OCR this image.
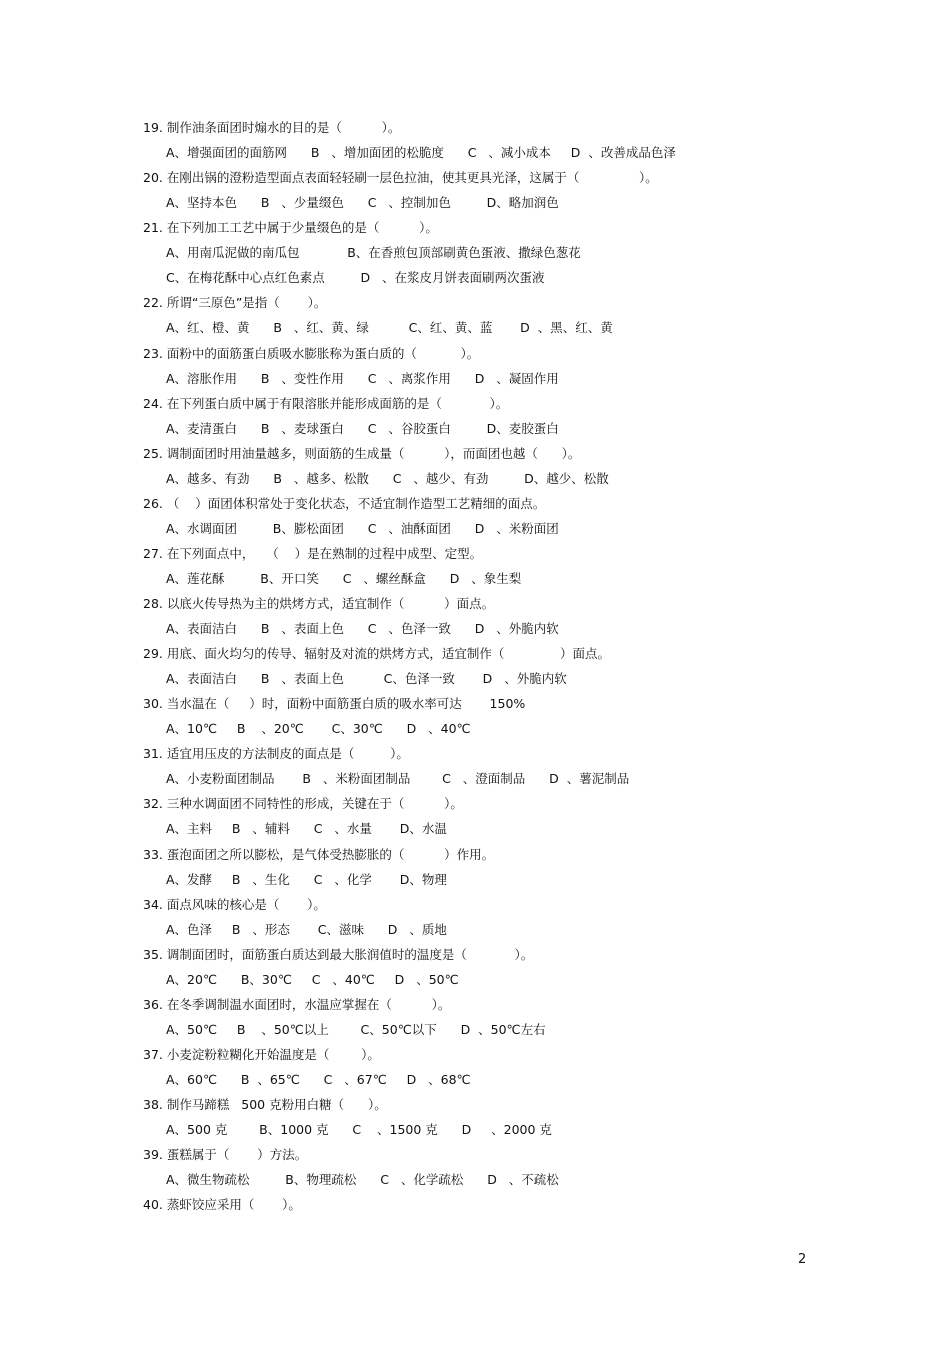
19. 制作油条面团时煽水的目的是（          ）。
A、增强面团的面筋网      B   、增加面团的松脆度      C   、减小成本     D  、改善成品色泽
20. 在刚出锅的澄粉造型面点表面轻轻刷一层色拉油，使其更具光泽，这属于（               ）。
A、坚持本色      B   、少量缀色      C   、控制加色         D、略加润色
21. 在下列加工工艺中属于少量缀色的是（          ）。
A、用南瓜泥做的南瓜包            B、在香煎包顶部刷黄色蛋液、撒绿色葱花
C、在梅花酥中心点红色素点         D   、在浆皮月饼表面刷两次蛋液
22. 所谓“三原色”是指（       ）。
A、红、橙、黄      B   、红、黄、绿          C、红、黄、蓝       D  、黑、红、黄
23. 面粉中的面筋蛋白质吸水膨胀称为蛋白质的（           ）。
A、溶胀作用      B   、变性作用      C   、离浆作用      D   、凝固作用
24. 在下列蛋白质中属于有限溶胀并能形成面筋的是（            ）。
A、麦清蛋白      B   、麦球蛋白      C   、谷胶蛋白         D、麦胶蛋白
25. 调制面团时用油量越多，则面筋的生成量（          ），而面团也越（      ）。
A、越多、有劲      B   、越多、松散      C   、越少、有劲         D、越少、松散
26. （    ）面团体积常处于变化状态，不适宜制作造型工艺精细的面点。
A、水调面团         B、膨松面团      C   、油酥面团      D   、米粉面团
27. 在下列面点中，   （    ）是在熟制的过程中成型、定型。
A、莲花酥         B、开口笑      C   、螺丝酥盒      D   、象生梨
28. 以底火传导热为主的烘烤方式，适宜制作（          ）面点。
A、表面洁白      B   、表面上色      C   、色泽一致      D   、外脆内软
29. 用底、面火均匀的传导、辐射及对流的烘烤方式，适宜制作（              ）面点。
A、表面洁白      B   、表面上色          C、色泽一致       D   、外脆内软
30. 当水温在（     ）时，面粉中面筋蛋白质的吸水率可达       150%
A、10℃     B    、20℃       C、30℃      D   、40℃
31. 适宜用压皮的方法制皮的面点是（         ）。
A、小麦粉面团制品       B   、米粉面团制品        C   、澄面制品      D  、薯泥制品
32. 三种水调面团不同特性的形成，关键在于（          ）。
A、主料     B   、辅料      C   、水量       D、水温
33. 蛋泡面团之所以膨松，是气体受热膨胀的（          ）作用。
A、发酵     B   、生化      C   、化学       D、物理
34. 面点风味的核心是（       ）。
A、色泽     B   、形态       C、滋味      D   、质地
35. 调制面团时，面筋蛋白质达到最大胀润值时的温度是（            ）。
A、20℃      B、30℃     C   、40℃     D   、50℃
36. 在冬季调制温水面团时，水温应掌握在（          ）。
A、50℃     B    、50℃以上        C、50℃以下      D  、50℃左右
37. 小麦淀粉粒糊化开始温度是（        ）。
A、60℃      B  、65℃      C   、67℃     D   、68℃
38. 制作马蹄糕   500 克粉用白糖（      ）。
A、500 克        B、1000 克      C    、1500 克      D     、2000 克
39. 蛋糕属于（       ）方法。
A、微生物疏松         B、物理疏松      C   、化学疏松      D   、不疏松
40. 蒸虾饺应采用（       ）。
2
